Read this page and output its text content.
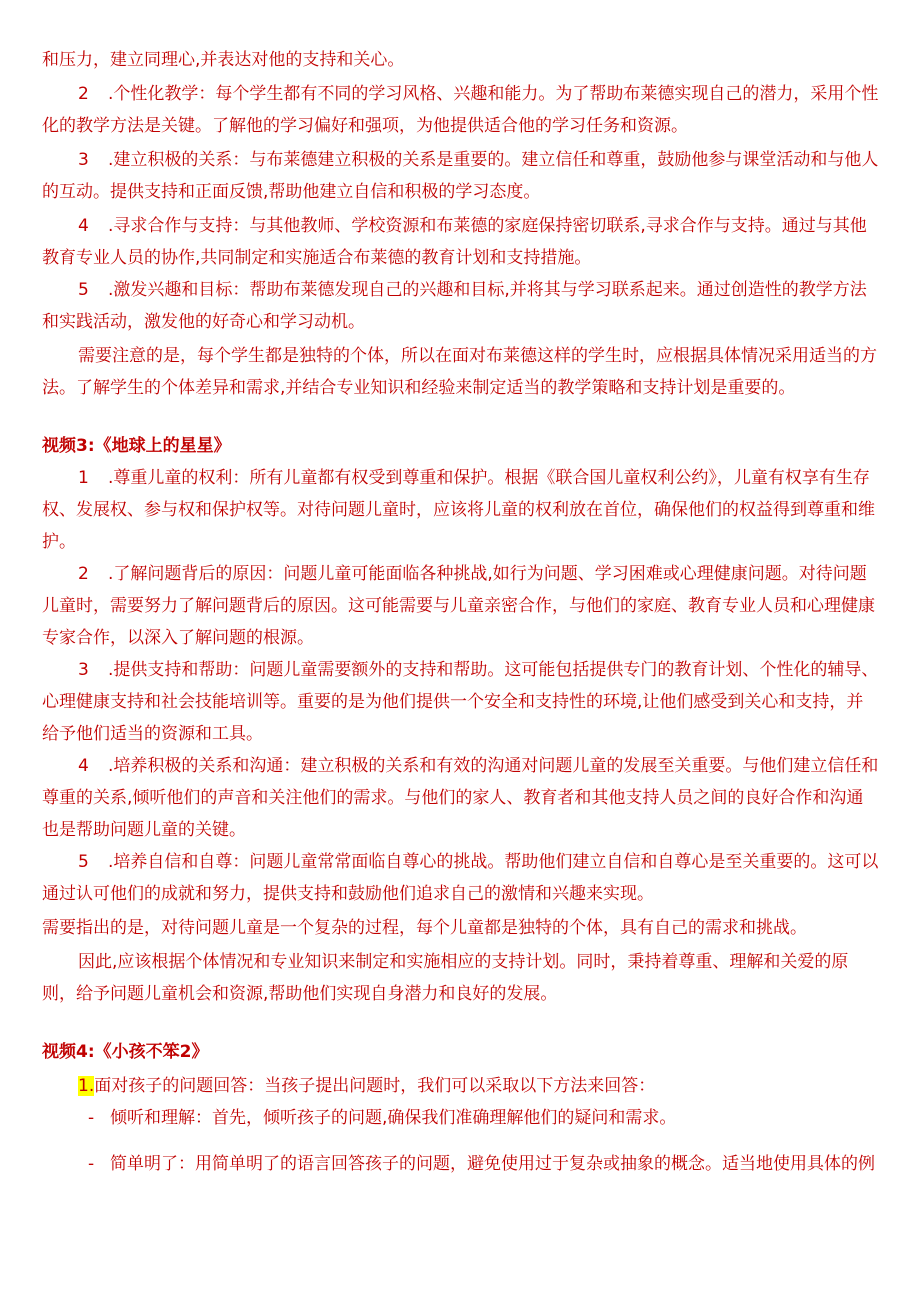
和压力，建立同理心,并表达对他的支持和关心。

2 .个性化教学：每个学生都有不同的学习风格、兴趣和能力。为了帮助布莱德实现自己的潜力，采用个性化的教学方法是关键。了解他的学习偏好和强项，为他提供适合他的学习任务和资源。

3 .建立积极的关系：与布莱德建立积极的关系是重要的。建立信任和尊重，鼓励他参与课堂活动和与他人的互动。提供支持和正面反馈,帮助他建立自信和积极的学习态度。

4 .寻求合作与支持：与其他教师、学校资源和布莱德的家庭保持密切联系,寻求合作与支持。通过与其他教育专业人员的协作,共同制定和实施适合布莱德的教育计划和支持措施。

5 .激发兴趣和目标：帮助布莱德发现自己的兴趣和目标,并将其与学习联系起来。通过创造性的教学方法和实践活动，激发他的好奇心和学习动机。

需要注意的是，每个学生都是独特的个体，所以在面对布莱德这样的学生时，应根据具体情况采用适当的方法。了解学生的个体差异和需求,并结合专业知识和经验来制定适当的教学策略和支持计划是重要的。

视频3:《地球上的星星》

1 .尊重儿童的权利：所有儿童都有权受到尊重和保护。根据《联合国儿童权利公约》，儿童有权享有生存权、发展权、参与权和保护权等。对待问题儿童时，应该将儿童的权利放在首位，确保他们的权益得到尊重和维护。

2 .了解问题背后的原因：问题儿童可能面临各种挑战,如行为问题、学习困难或心理健康问题。对待问题儿童时，需要努力了解问题背后的原因。这可能需要与儿童亲密合作，与他们的家庭、教育专业人员和心理健康专家合作，以深入了解问题的根源。

3 .提供支持和帮助：问题儿童需要额外的支持和帮助。这可能包括提供专门的教育计划、个性化的辅导、心理健康支持和社会技能培训等。重要的是为他们提供一个安全和支持性的环境,让他们感受到关心和支持，并给予他们适当的资源和工具。

4 .培养积极的关系和沟通：建立积极的关系和有效的沟通对问题儿童的发展至关重要。与他们建立信任和尊重的关系,倾听他们的声音和关注他们的需求。与他们的家人、教育者和其他支持人员之间的良好合作和沟通也是帮助问题儿童的关键。

5 .培养自信和自尊：问题儿童常常面临自尊心的挑战。帮助他们建立自信和自尊心是至关重要的。这可以通过认可他们的成就和努力，提供支持和鼓励他们追求自己的激情和兴趣来实现。

需要指出的是，对待问题儿童是一个复杂的过程，每个儿童都是独特的个体，具有自己的需求和挑战。

因此,应该根据个体情况和专业知识来制定和实施相应的支持计划。同时，秉持着尊重、理解和关爱的原则，给予问题儿童机会和资源,帮助他们实现自身潜力和良好的发展。

视频4:《小孩不笨2》

1.面对孩子的问题回答：当孩子提出问题时，我们可以采取以下方法来回答：

- 倾听和理解：首先，倾听孩子的问题,确保我们准确理解他们的疑问和需求。

- 简单明了：用简单明了的语言回答孩子的问题，避免使用过于复杂或抽象的概念。适当地使用具体的例
